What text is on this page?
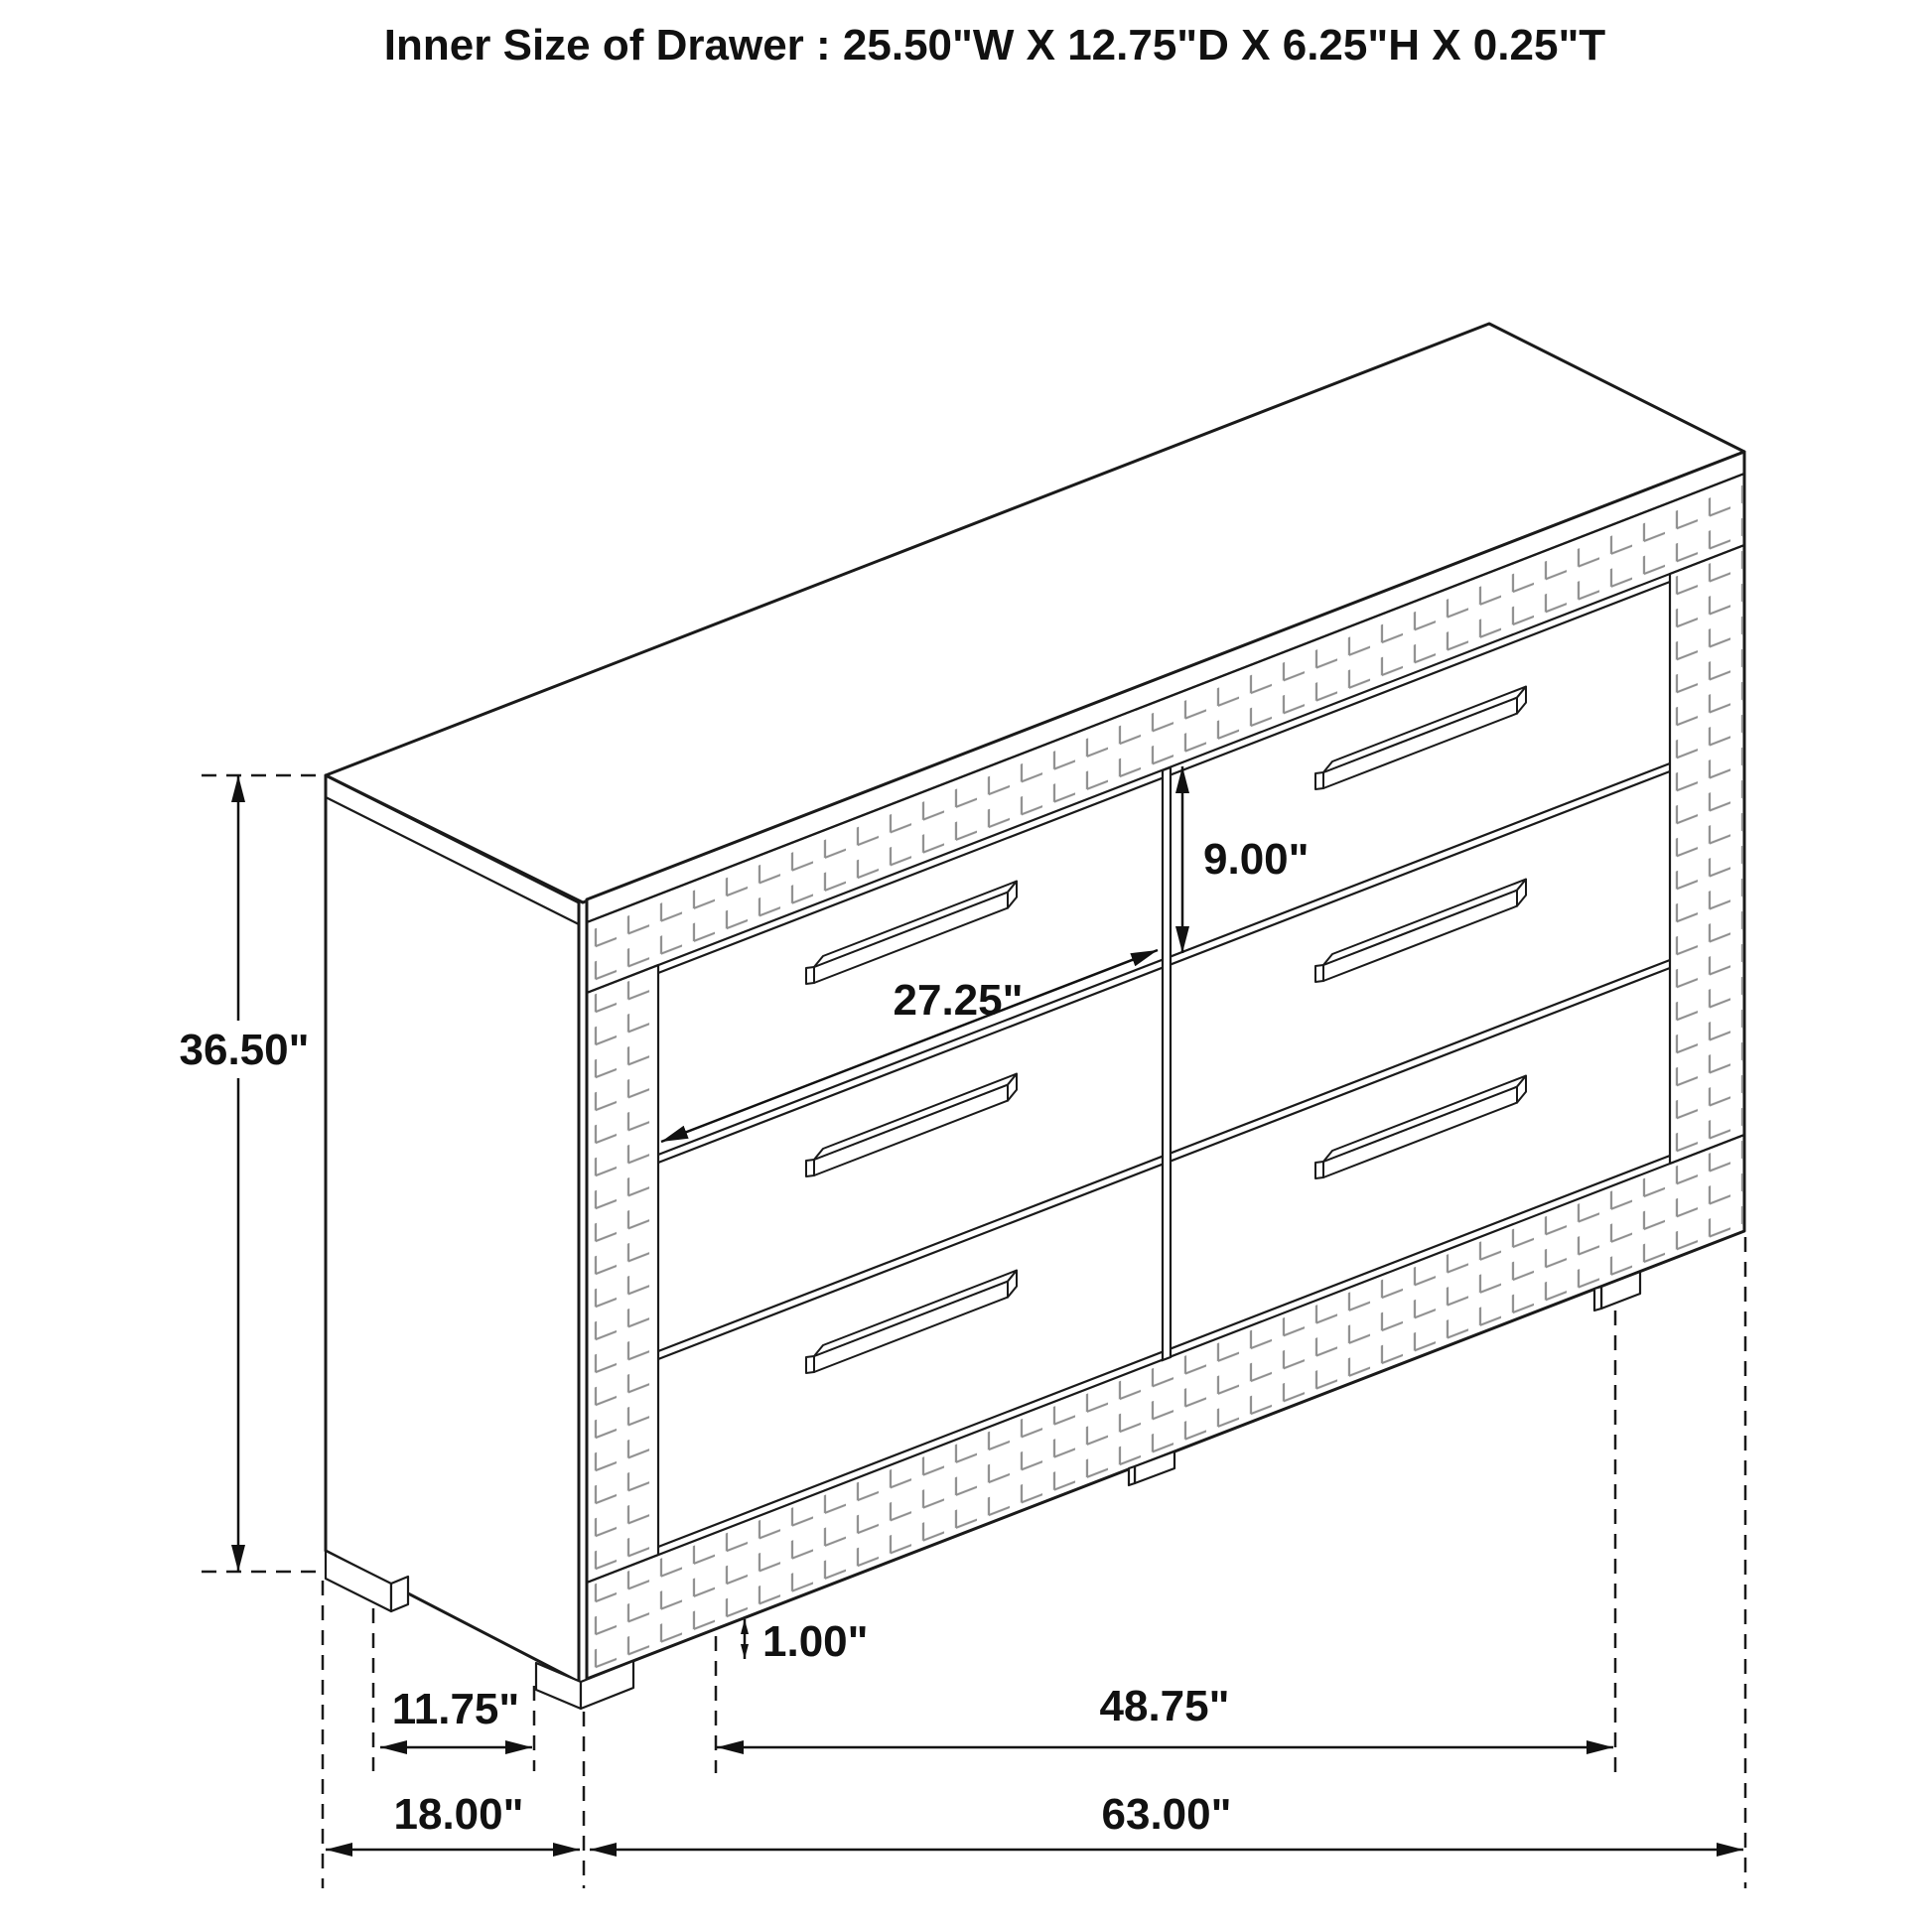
Inner Size of Drawer : 25.50"W X 12.75"D X 6.25"H X 0.25"T
36.50"
9.00"
27.25"
1.00"
11.75"
18.00"
48.75"
63.00"
